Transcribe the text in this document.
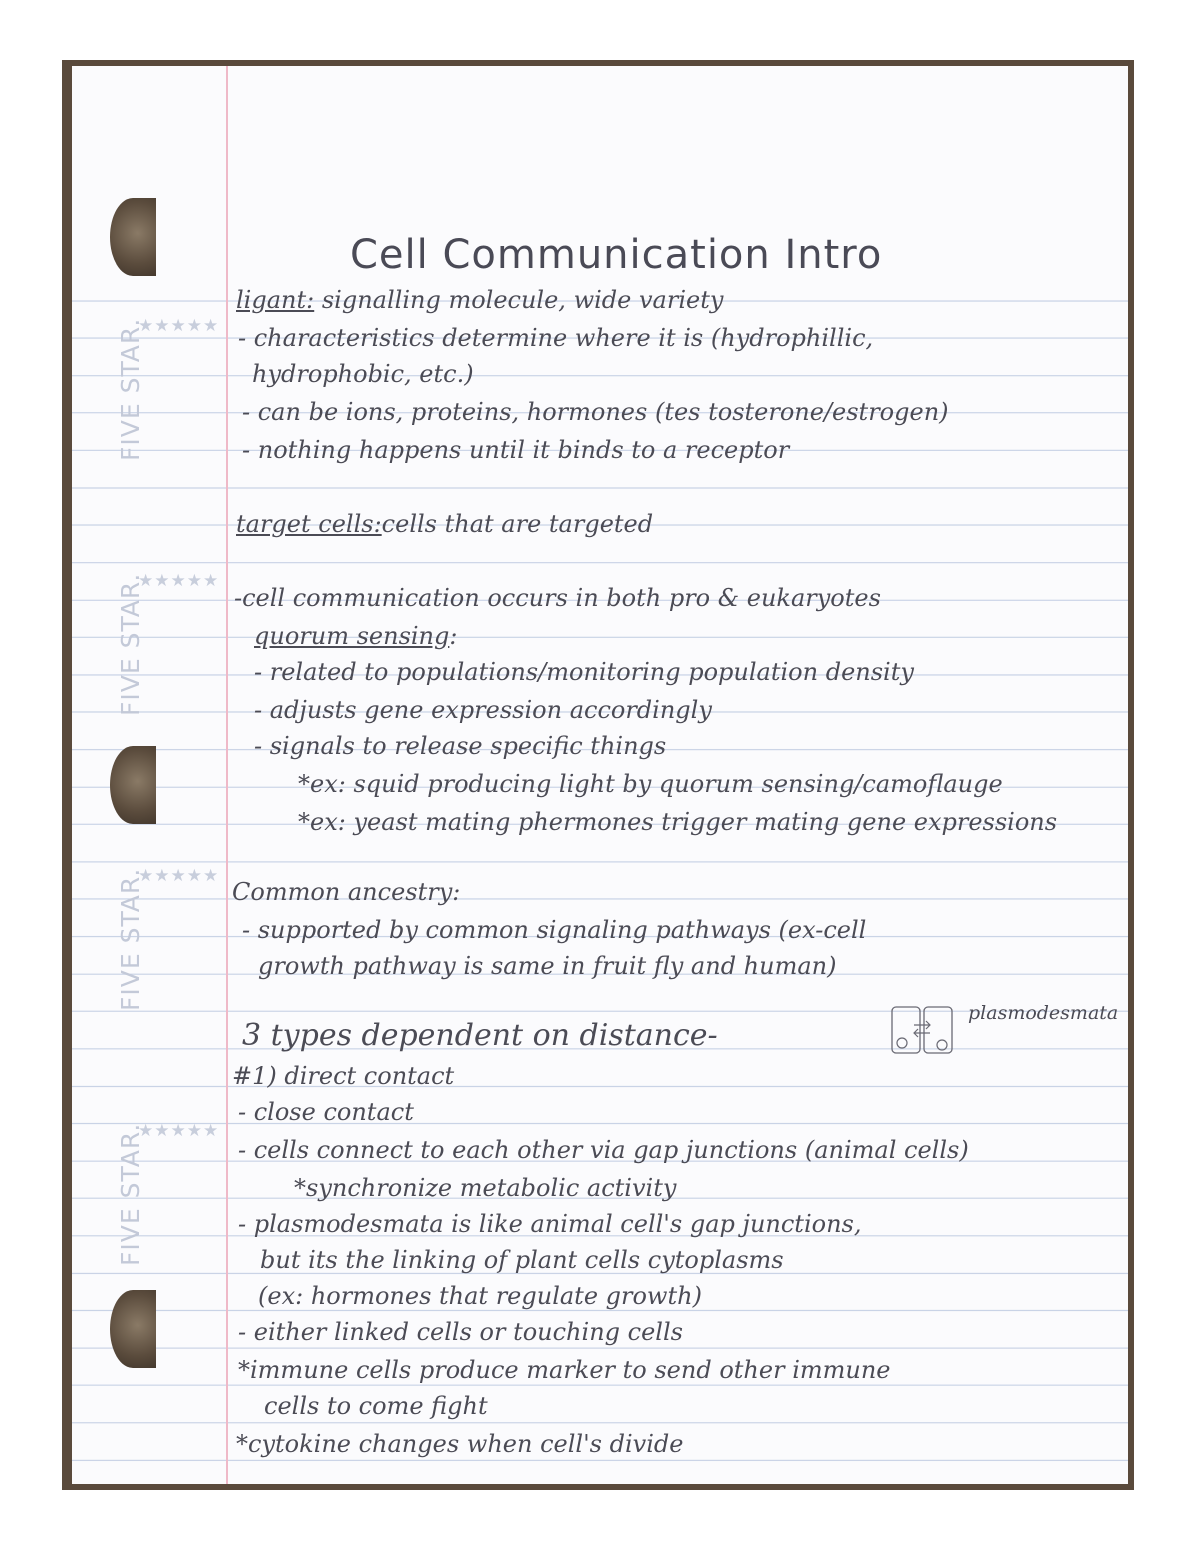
FIVE STAR.
★★★★★
FIVE STAR.
★★★★★
FIVE STAR.
★★★★★
FIVE STAR.
★★★★★
Cell Communication Intro
ligant: signalling molecule, wide variety
- characteristics determine where it is (hydrophillic,
hydrophobic, etc.)
- can be ions, proteins, hormones (tes tosterone/estrogen)
- nothing happens until it binds to a receptor
target cells:cells that are targeted
-cell communication occurs in both pro & eukaryotes
quorum sensing:
- related to populations/monitoring population density
- adjusts gene expression accordingly
- signals to release specific things
*ex: squid producing light by quorum sensing/camoflauge
*ex: yeast mating phermones trigger mating gene expressions
Common ancestry:
- supported by common signaling pathways (ex-cell
growth pathway is same in fruit fly and human)
3 types dependent on distance-
plasmodesmata
#1) direct contact
- close contact
- cells connect to each other via gap junctions (animal cells)
*synchronize metabolic activity
- plasmodesmata is like animal cell's gap junctions,
but its the linking of plant cells cytoplasms
(ex: hormones that regulate growth)
- either linked cells or touching cells
*immune cells produce marker to send other immune
cells to come fight
*cytokine changes when cell's divide
